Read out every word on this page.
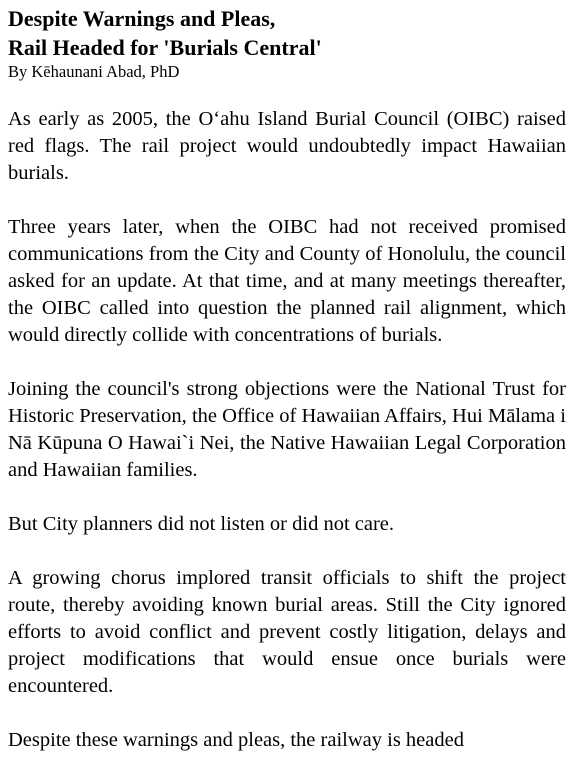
Despite Warnings and Pleas,
Rail Headed for 'Burials Central'

By Kēhaunani Abad, PhD

As early as 2005, the Oʻahu Island Burial Council (OIBC) raised red flags. The rail project would undoubtedly impact Hawaiian burials.

Three years later, when the OIBC had not received promised communications from the City and County of Honolulu, the council asked for an update. At that time, and at many meetings thereafter, the OIBC called into question the planned rail alignment, which would directly collide with concentrations of burials.

Joining the council's strong objections were the National Trust for Historic Preservation, the Office of Hawaiian Affairs, Hui Mālama i Nā Kūpuna O Hawai`i Nei, the Native Hawaiian Legal Corporation and Hawaiian families.

But City planners did not listen or did not care.

A growing chorus implored transit officials to shift the project route, thereby avoiding known burial areas. Still the City ignored efforts to avoid conflict and prevent costly litigation, delays and project modifications that would ensue once burials were encountered.

Despite these warnings and pleas, the railway is headed
